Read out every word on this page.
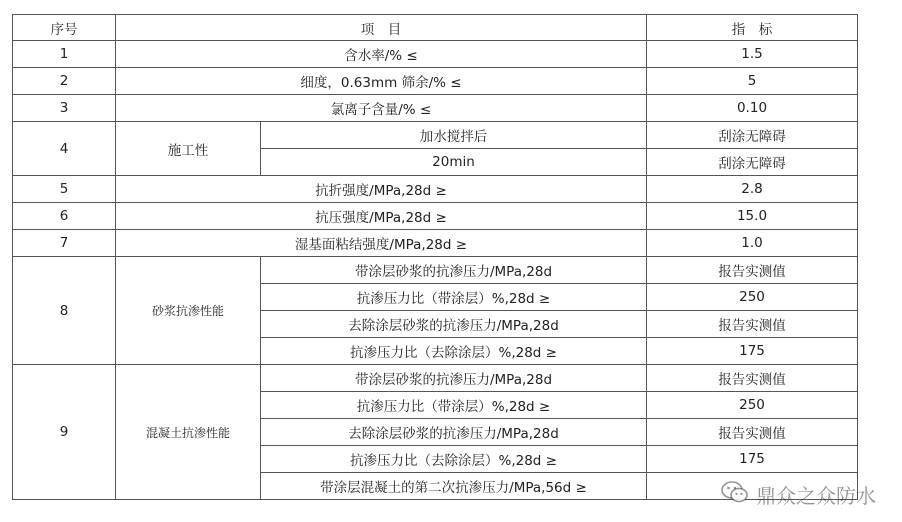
序号	项　目		指　标
1	含水率/% ≤		1.5
2	细度，0.63mm 筛余/% ≤		5
3	氯离子含量/% ≤		0.10
4	施工性	加水搅拌后	刮涂无障碍
		20min	刮涂无障碍
5	抗折强度/MPa,28d ≥		2.8
6	抗压强度/MPa,28d ≥		15.0
7	湿基面粘结强度/MPa,28d ≥		1.0
8	砂浆抗渗性能	带涂层砂浆的抗渗压力/MPa,28d	报告实测值
		抗渗压力比（带涂层）%,28d ≥	250
		去除涂层砂浆的抗渗压力/MPa,28d	报告实测值
		抗渗压力比（去除涂层）%,28d ≥	175
9	混凝土抗渗性能	带涂层砂浆的抗渗压力/MPa,28d	报告实测值
		抗渗压力比（带涂层）%,28d ≥	250
		去除涂层砂浆的抗渗压力/MPa,28d	报告实测值
		抗渗压力比（去除涂层）%,28d ≥	175
		带涂层混凝土的第二次抗渗压力/MPa,56d ≥		鼎众之众防水
